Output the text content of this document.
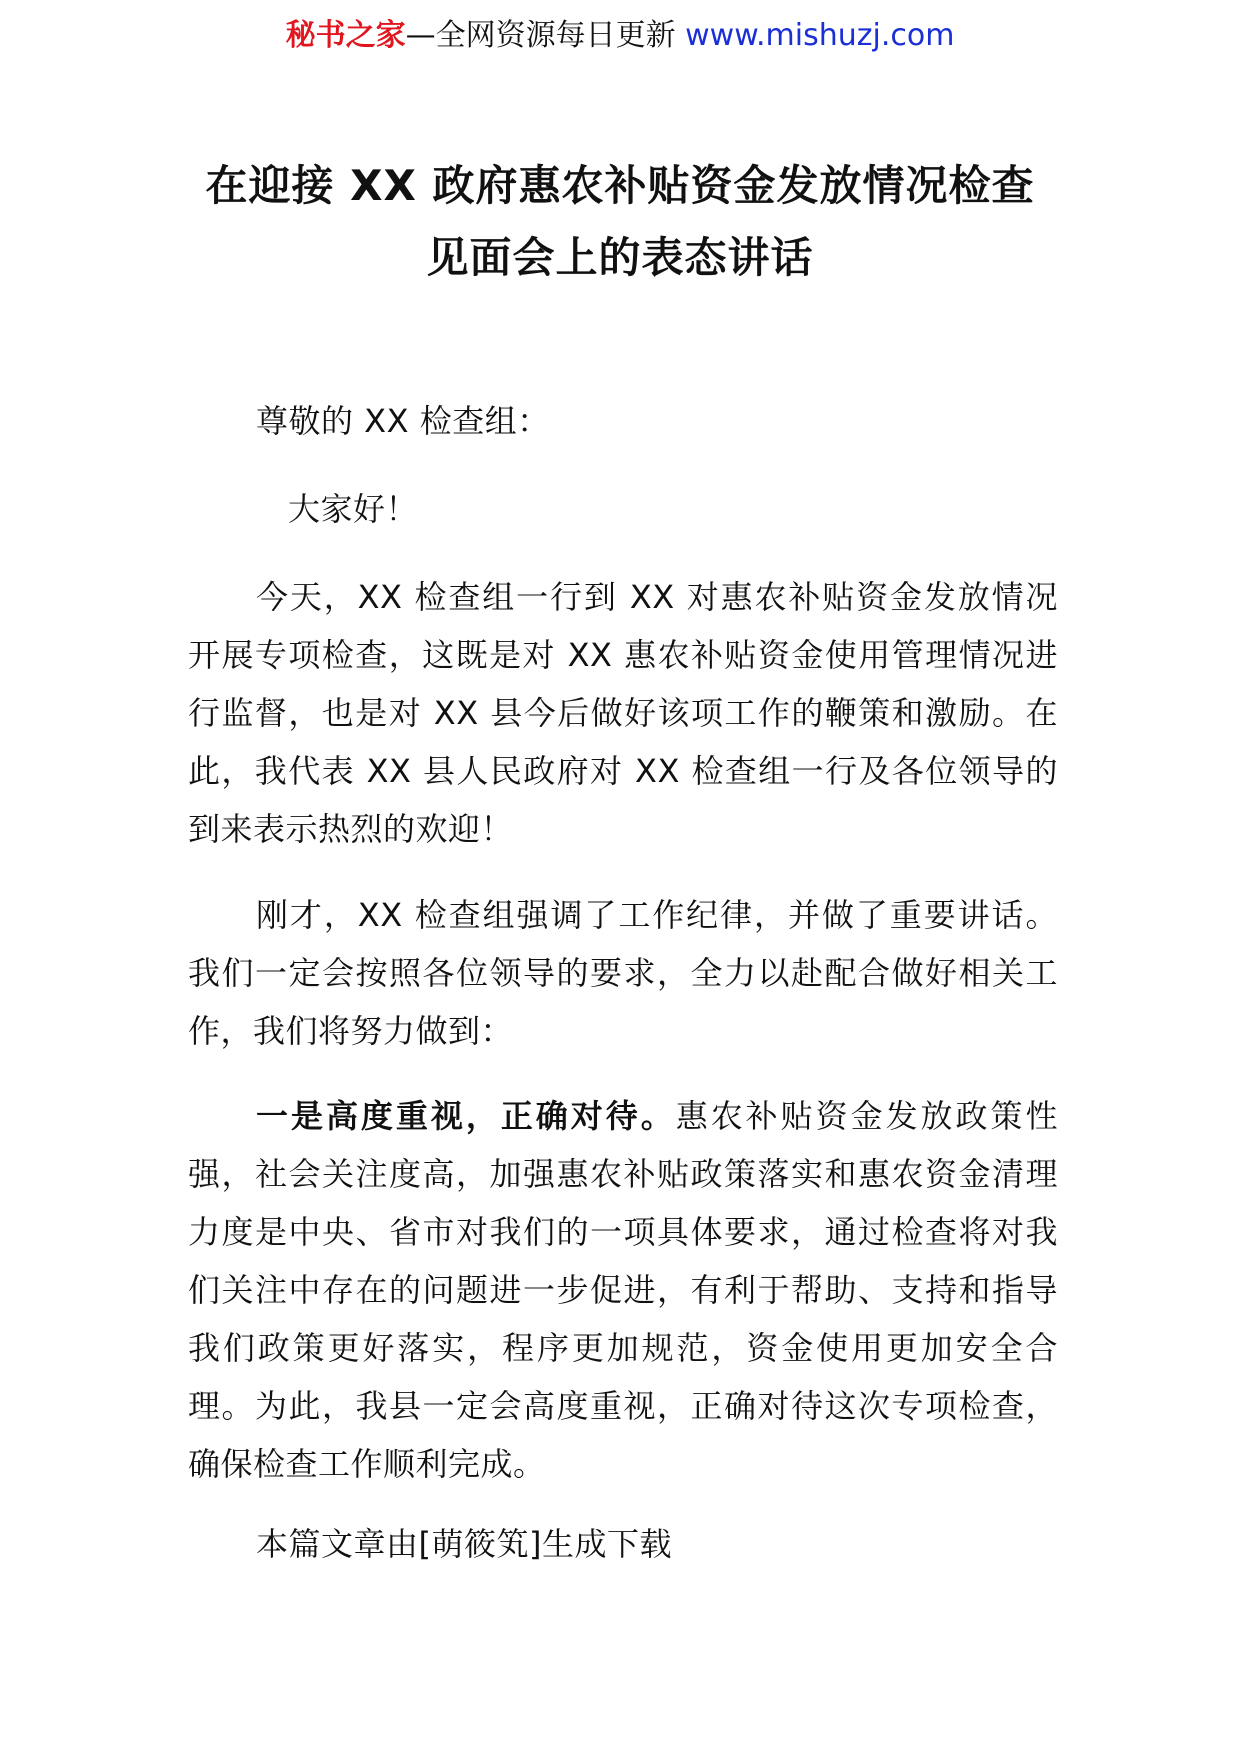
秘书之家—全网资源每日更新 www.mishuzj.com
在迎接 XX 政府惠农补贴资金发放情况检查
见面会上的表态讲话

尊敬的 XX 检查组：

大家好！

今天，XX 检查组一行到 XX 对惠农补贴资金发放情况开展专项检查，这既是对 XX 惠农补贴资金使用管理情况进行监督，也是对 XX 县今后做好该项工作的鞭策和激励。在此，我代表 XX 县人民政府对 XX 检查组一行及各位领导的到来表示热烈的欢迎！

刚才，XX 检查组强调了工作纪律，并做了重要讲话。我们一定会按照各位领导的要求，全力以赴配合做好相关工作，我们将努力做到：

一是高度重视，正确对待。惠农补贴资金发放政策性强，社会关注度高，加强惠农补贴政策落实和惠农资金清理力度是中央、省市对我们的一项具体要求，通过检查将对我们关注中存在的问题进一步促进，有利于帮助、支持和指导我们政策更好落实，程序更加规范，资金使用更加安全合理。为此，我县一定会高度重视，正确对待这次专项检查，确保检查工作顺利完成。

本篇文章由[萌筱笂]生成下载
